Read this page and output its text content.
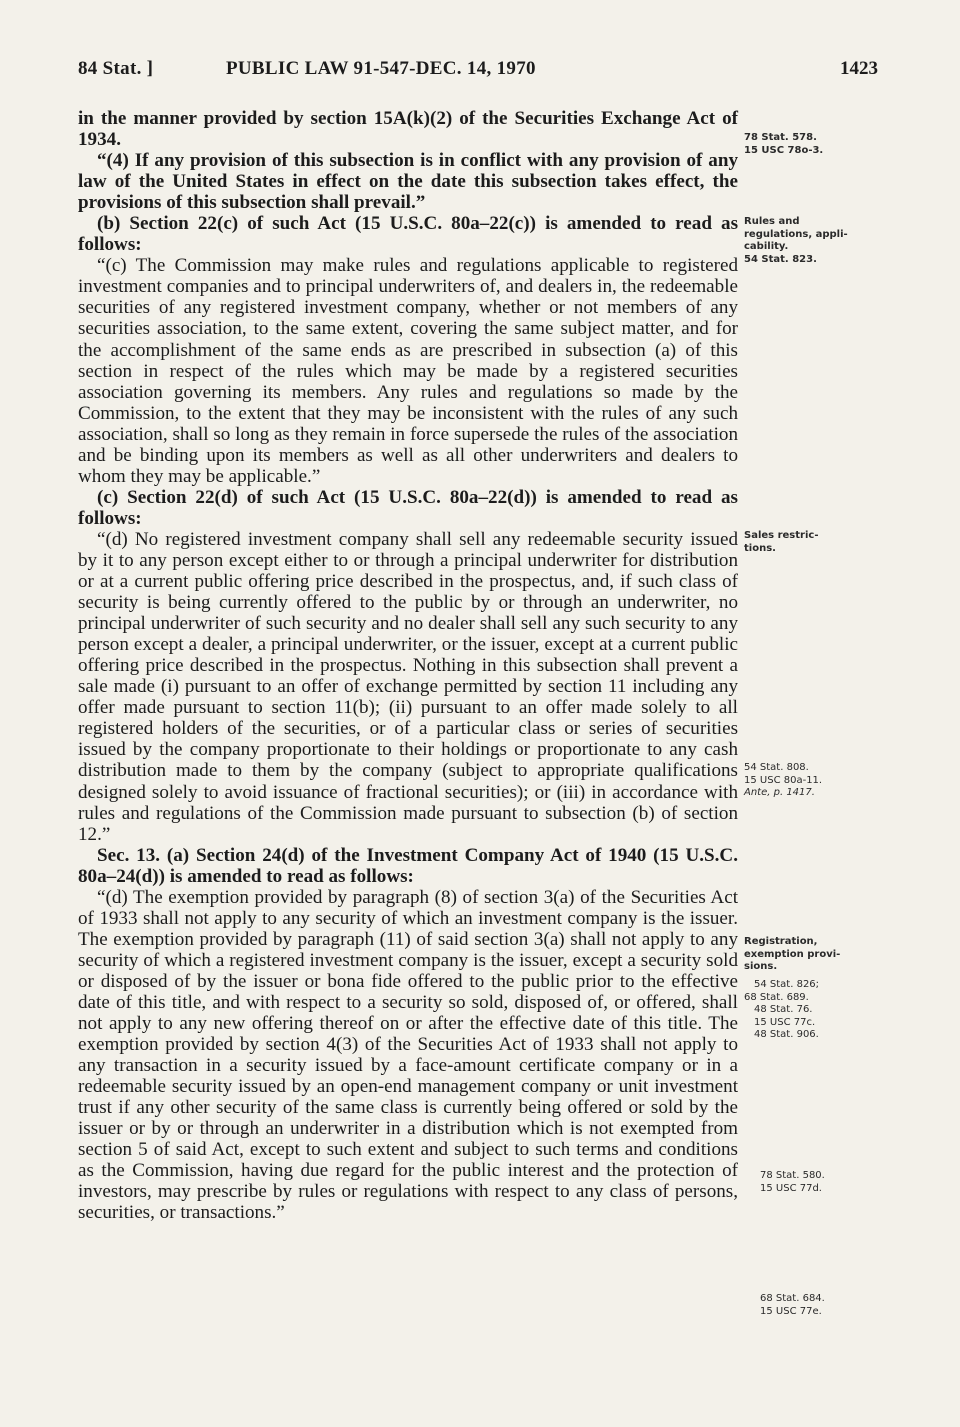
84 Stat. ]	PUBLIC LAW 91-547-DEC. 14, 1970	1423

in the manner provided by section 15A(k)(2) of the Securities Exchange Act of 1934.

“(4) If any provision of this subsection is in conflict with any provision of any law of the United States in effect on the date this subsection takes effect, the provisions of this subsection shall prevail.”

(b) Section 22(c) of such Act (15 U.S.C. 80a–22(c)) is amended to read as follows:

“(c) The Commission may make rules and regulations applicable to registered investment companies and to principal underwriters of, and dealers in, the redeemable securities of any registered investment company, whether or not members of any securities association, to the same extent, covering the same subject matter, and for the accomplishment of the same ends as are prescribed in subsection (a) of this section in respect of the rules which may be made by a registered securities association governing its members. Any rules and regulations so made by the Commission, to the extent that they may be inconsistent with the rules of any such association, shall so long as they remain in force supersede the rules of the association and be binding upon its members as well as all other underwriters and dealers to whom they may be applicable.”

(c) Section 22(d) of such Act (15 U.S.C. 80a–22(d)) is amended to read as follows:

“(d) No registered investment company shall sell any redeemable security issued by it to any person except either to or through a principal underwriter for distribution or at a current public offering price described in the prospectus, and, if such class of security is being currently offered to the public by or through an underwriter, no principal underwriter of such security and no dealer shall sell any such security to any person except a dealer, a principal underwriter, or the issuer, except at a current public offering price described in the prospectus. Nothing in this subsection shall prevent a sale made (i) pursuant to an offer of exchange permitted by section 11 including any offer made pursuant to section 11(b); (ii) pursuant to an offer made solely to all registered holders of the securities, or of a particular class or series of securities issued by the company proportionate to their holdings or proportionate to any cash distribution made to them by the company (subject to appropriate qualifications designed solely to avoid issuance of fractional securities); or (iii) in accordance with rules and regulations of the Commission made pursuant to subsection (b) of section 12.”

Sec. 13. (a) Section 24(d) of the Investment Company Act of 1940 (15 U.S.C. 80a–24(d)) is amended to read as follows:

“(d) The exemption provided by paragraph (8) of section 3(a) of the Securities Act of 1933 shall not apply to any security of which an investment company is the issuer. The exemption provided by paragraph (11) of said section 3(a) shall not apply to any security of which a registered investment company is the issuer, except a security sold or disposed of by the issuer or bona fide offered to the public prior to the effective date of this title, and with respect to a security so sold, disposed of, or offered, shall not apply to any new offering thereof on or after the effective date of this title. The exemption provided by section 4(3) of the Securities Act of 1933 shall not apply to any transaction in a security issued by a face-amount certificate company or in a redeemable security issued by an open-end management company or unit investment trust if any other security of the same class is currently being offered or sold by the issuer or by or through an underwriter in a distribution which is not exempted from section 5 of said Act, except to such extent and subject to such terms and conditions as the Commission, having due regard for the public interest and the protection of investors, may prescribe by rules or regulations with respect to any class of persons, securities, or transactions.”

78 Stat. 578.
15 USC 78o-3.
Rules and
regulations, appli-
cability.
54 Stat. 823.
Sales restric-
tions.
54 Stat. 808.
15 USC 80a-11.
Ante, p. 1417.
Registration,
exemption provi-
sions.
54 Stat. 826;
68 Stat. 689.
48 Stat. 76.
15 USC 77c.
48 Stat. 906.
78 Stat. 580.
15 USC 77d.
68 Stat. 684.
15 USC 77e.
